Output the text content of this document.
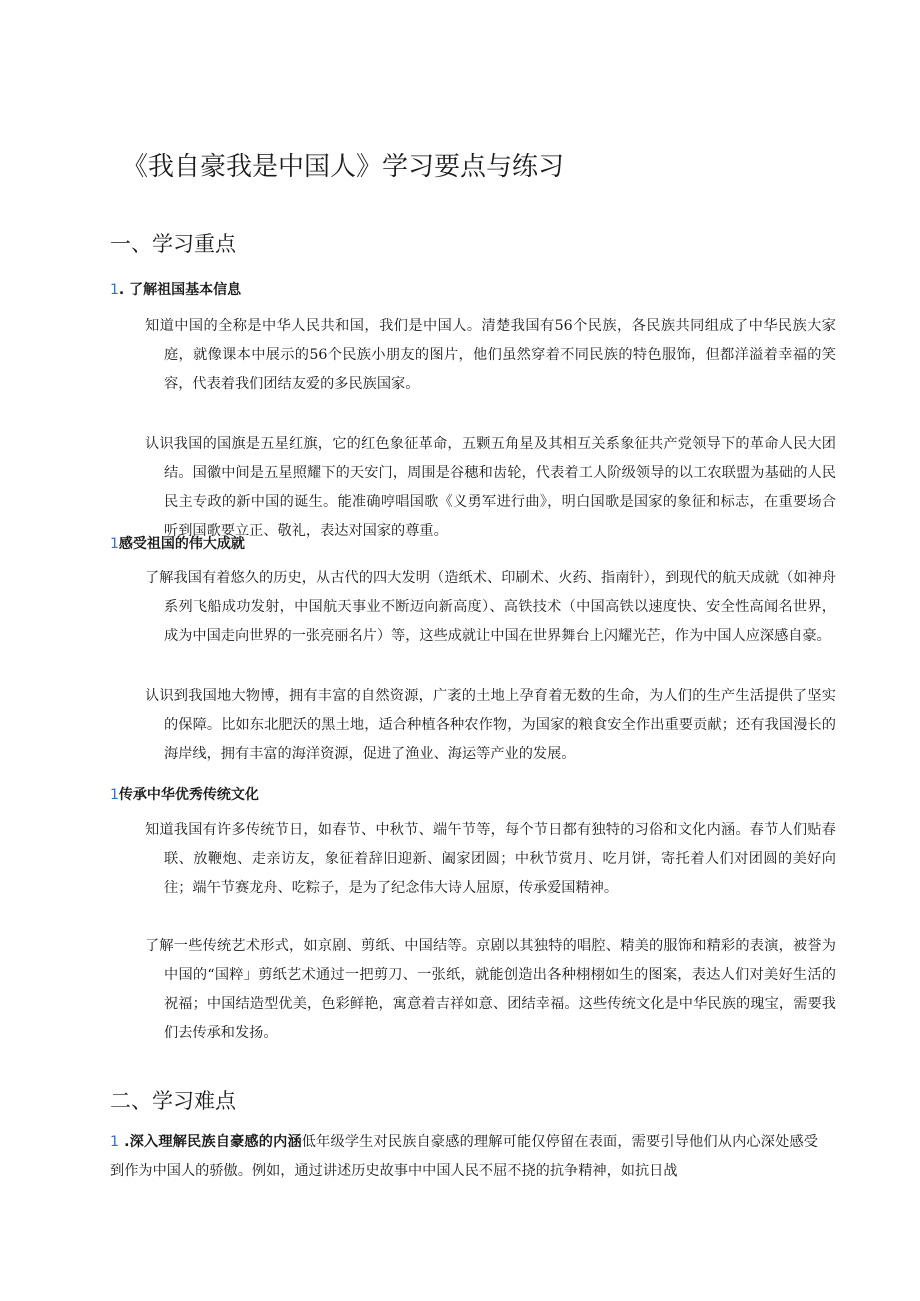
《我自豪我是中国人》学习要点与练习
一、学习重点
1. 了解祖国基本信息
知道中国的全称是中华人民共和国，我们是中国人。清楚我国有56个民族，各民族共同组成了中华民族大家庭，就像课本中展示的56个民族小朋友的图片，他们虽然穿着不同民族的特色服饰，但都洋溢着幸福的笑容，代表着我们团结友爱的多民族国家。
认识我国的国旗是五星红旗，它的红色象征革命，五颗五角星及其相互关系象征共产党领导下的革命人民大团结。国徽中间是五星照耀下的天安门，周围是谷穗和齿轮，代表着工人阶级领导的以工农联盟为基础的人民民主专政的新中国的诞生。能准确哼唱国歌《义勇军进行曲》，明白国歌是国家的象征和标志，在重要场合听到国歌要立正、敬礼，表达对国家的尊重。
1感受祖国的伟大成就
了解我国有着悠久的历史，从古代的四大发明（造纸术、印刷术、火药、指南针），到现代的航天成就（如神舟系列飞船成功发射，中国航天事业不断迈向新高度）、高铁技术（中国高铁以速度快、安全性高闻名世界，成为中国走向世界的一张亮丽名片）等，这些成就让中国在世界舞台上闪耀光芒，作为中国人应深感自豪。
认识到我国地大物博，拥有丰富的自然资源，广袤的土地上孕育着无数的生命，为人们的生产生活提供了坚实的保障。比如东北肥沃的黑土地，适合种植各种农作物，为国家的粮食安全作出重要贡献；还有我国漫长的海岸线，拥有丰富的海洋资源，促进了渔业、海运等产业的发展。
1传承中华优秀传统文化
知道我国有许多传统节日，如春节、中秋节、端午节等，每个节日都有独特的习俗和文化内涵。春节人们贴春联、放鞭炮、走亲访友，象征着辞旧迎新、阖家团圆；中秋节赏月、吃月饼，寄托着人们对团圆的美好向往；端午节赛龙舟、吃粽子，是为了纪念伟大诗人屈原，传承爱国精神。
了解一些传统艺术形式，如京剧、剪纸、中国结等。京剧以其独特的唱腔、精美的服饰和精彩的表演，被誉为中国的“国粹」剪纸艺术通过一把剪刀、一张纸，就能创造出各种栩栩如生的图案，表达人们对美好生活的祝福；中国结造型优美，色彩鲜艳，寓意着吉祥如意、团结幸福。这些传统文化是中华民族的瑰宝，需要我们去传承和发扬。
二、学习难点
1 .深入理解民族自豪感的内涵低年级学生对民族自豪感的理解可能仅停留在表面，需要引导他们从内心深处感受到作为中国人的骄傲。例如，通过讲述历史故事中中国人民不屈不挠的抗争精神，如抗日战
